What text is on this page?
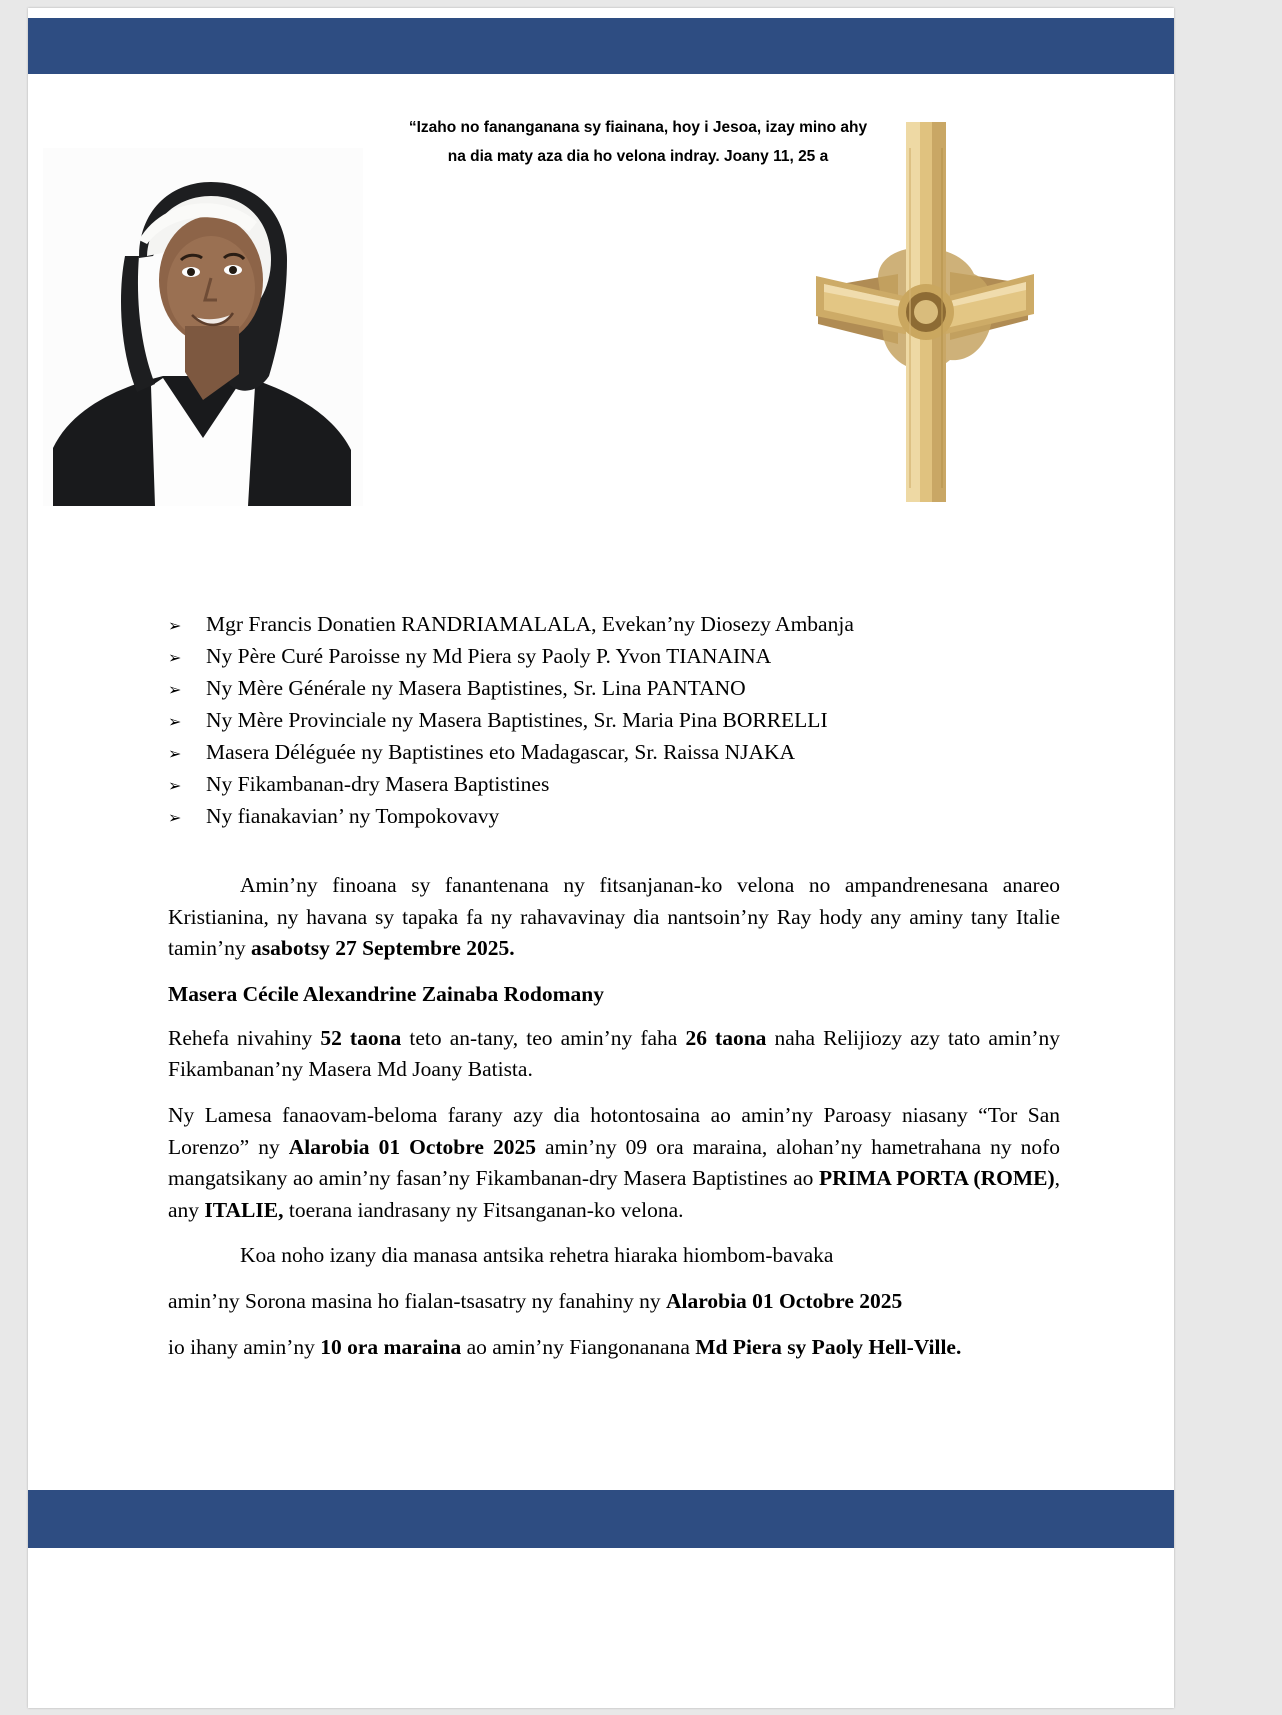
“Izaho no fananganana sy fiainana, hoy i Jesoa, izay mino ahy
na dia maty aza dia ho velona indray. Joany 11, 25 a
➢	Mgr Francis Donatien RANDRIAMALALA, Evekan’ny Diosezy Ambanja
➢	Ny Père Curé Paroisse ny Md Piera sy Paoly P. Yvon TIANAINA
➢	Ny Mère Générale ny Masera Baptistines, Sr. Lina PANTANO
➢	Ny Mère Provinciale ny Masera Baptistines, Sr. Maria Pina BORRELLI
➢	Masera Déléguée ny Baptistines eto Madagascar, Sr. Raissa NJAKA
➢	Ny Fikambanan-dry Masera Baptistines
➢	Ny fianakavian’ ny Tompokovavy

Amin’ny finoana sy fanantenana ny fitsanjanan-ko velona no ampandrenesana anareo Kristianina, ny havana sy tapaka fa ny rahavavinay dia nantsoin’ny Ray hody any aminy tany Italie tamin’ny asabotsy 27 Septembre 2025.

Masera Cécile Alexandrine Zainaba Rodomany

Rehefa nivahiny 52 taona teto an-tany, teo amin’ny faha 26 taona naha Relijiozy azy tato amin’ny Fikambanan’ny Masera Md Joany Batista.

Ny Lamesa fanaovam-beloma farany azy dia hotontosaina ao amin’ny Paroasy niasany “Tor San Lorenzo” ny Alarobia 01 Octobre 2025 amin’ny 09 ora maraina, alohan’ny hametrahana ny nofo mangatsikany ao amin’ny fasan’ny Fikambanan-dry Masera Baptistines ao PRIMA PORTA (ROME), any ITALIE, toerana iandrasany ny Fitsanganan-ko velona.

Koa noho izany dia manasa antsika rehetra hiaraka hiombom-bavaka

amin’ny Sorona masina ho fialan-tsasatry ny fanahiny ny Alarobia 01 Octobre 2025

io ihany amin’ny 10 ora maraina ao amin’ny Fiangonanana Md Piera sy Paoly Hell-Ville.
